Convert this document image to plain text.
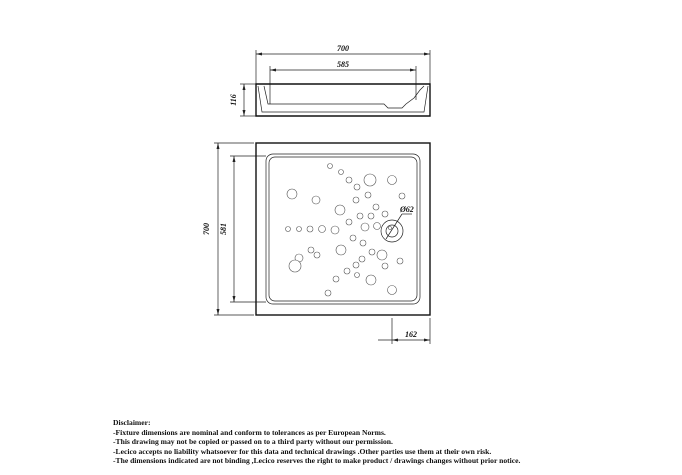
700
585
116
700 581
Ø62
162
Disclaimer:
-Fixture dimensions are nominal and conform to tolerances as per European Norms.
-This drawing may not be copied or passed on to a third party without our permission.
-Lecico accepts no liability whatsoever for this data and technical drawings .Other parties use them at their own risk.
-The dimensions indicated are not binding ,Lecico reserves the right to make product / drawings changes without prior notice.
